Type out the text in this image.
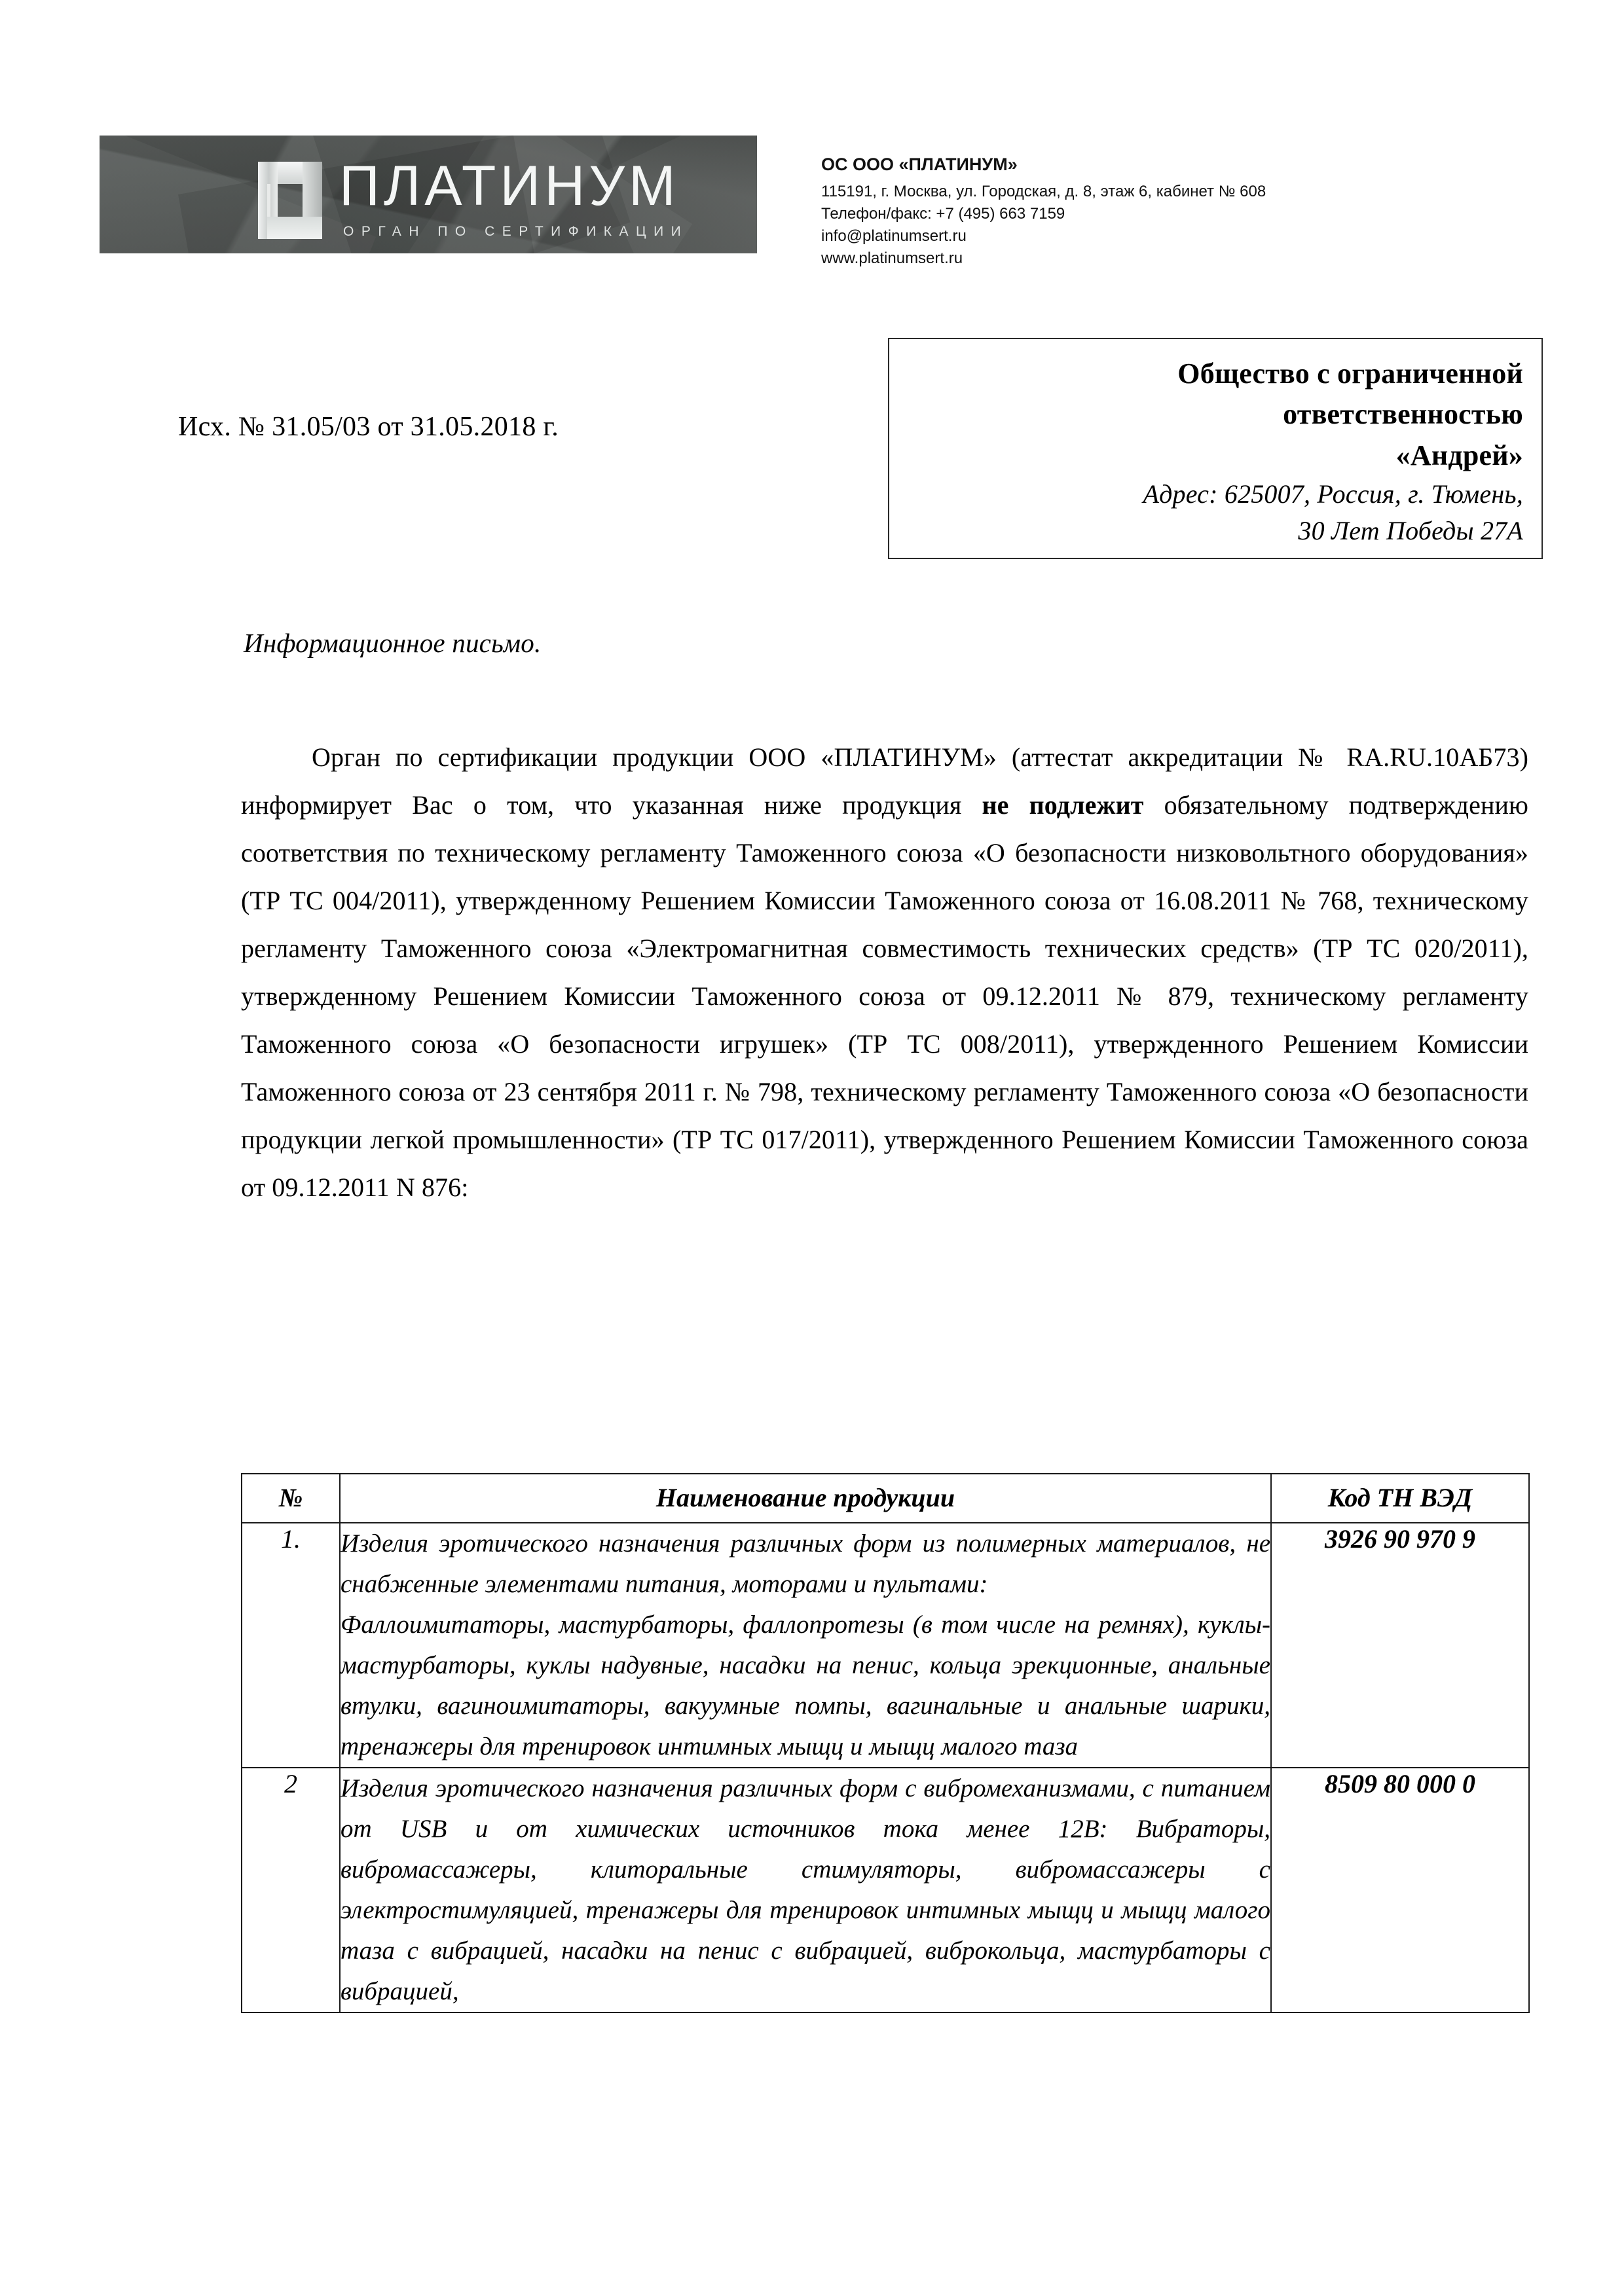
ПЛАТИНУМ
ОРГАН ПО СЕРТИФИКАЦИИ
ОС ООО «ПЛАТИНУМ»
115191, г. Москва, ул. Городская, д. 8, этаж 6, кабинет № 608
Телефон/факс: +7 (495) 663 7159
info@platinumsert.ru
www.platinumsert.ru
Исх. № 31.05/03 от 31.05.2018 г.
Общество с ограниченной
ответственностью
«Андрей»
Адрес: 625007, Россия, г. Тюмень,
30 Лет Победы 27А
Информационное письмо.
Орган по сертификации продукции ООО «ПЛАТИНУМ» (аттестат аккредитации № RA.RU.10АБ73) информирует Вас о том, что указанная ниже продукция не подлежит обязательному подтверждению соответствия по техническому регламенту Таможенного союза «О безопасности низковольтного оборудования» (ТР ТС 004/2011), утвержденному Решением Комиссии Таможенного союза от 16.08.2011 № 768, техническому регламенту Таможенного союза «Электромагнитная совместимость технических средств» (ТР ТС 020/2011), утвержденному Решением Комиссии Таможенного союза от 09.12.2011 № 879, техническому регламенту Таможенного союза «О безопасности игрушек» (ТР ТС 008/2011), утвержденного Решением Комиссии Таможенного союза от 23 сентября 2011 г. № 798, техническому регламенту Таможенного союза «О безопасности продукции легкой промышленности» (ТР ТС 017/2011), утвержденного Решением Комиссии Таможенного союза от 09.12.2011 N 876:
№	Наименование продукции	Код ТН ВЭД
1.	Изделия эротического назначения различных форм из полимерных материалов, не снабженные элементами питания, моторами и пультами:
Фаллоимитаторы, мастурбаторы, фаллопротезы (в том числе на ремнях), куклы-мастурбаторы, куклы надувные, насадки на пенис, кольца эрекционные, анальные втулки, вагиноимитаторы, вакуумные помпы, вагинальные и анальные шарики, тренажеры для тренировок интимных мыщц и мыщц малого таза	3926 90 970 9
2	Изделия эротического назначения различных форм с вибромеханизмами, с питанием от USB и от химических источников тока менее 12В: Вибраторы, вибромассажеры, клиторальные стимуляторы, вибромассажеры с электростимуляцией, тренажеры для тренировок интимных мыщц и мыщц малого таза с вибрацией, насадки на пенис с вибрацией, виброкольца, мастурбаторы с вибрацией,	8509 80 000 0
